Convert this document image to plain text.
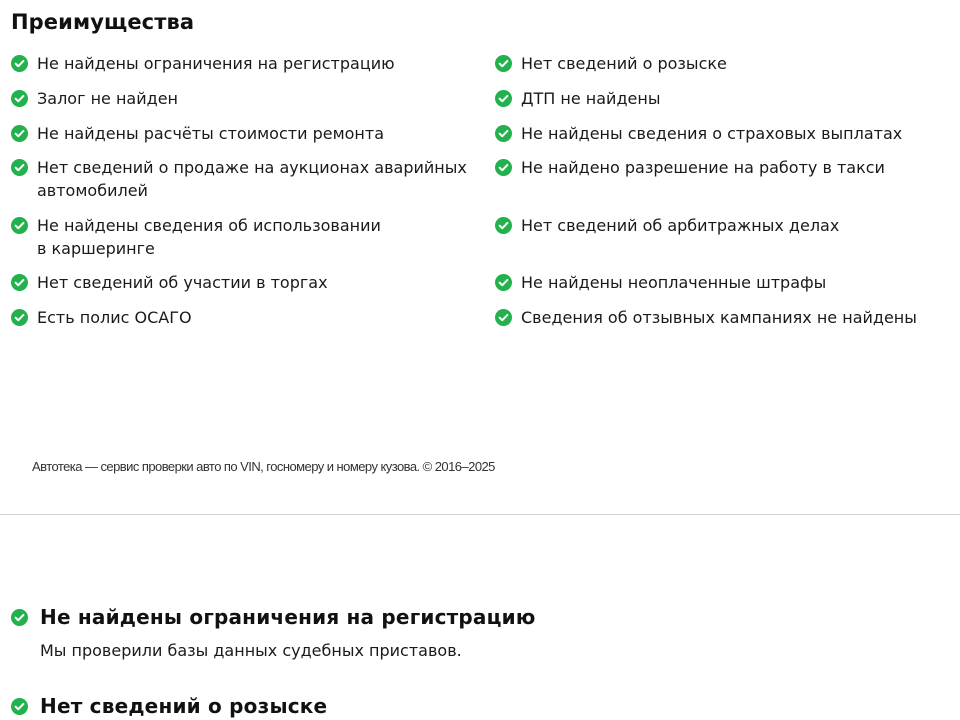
Преимущества
Не найдены ограничения на регистрацию
Залог не найден
Не найдены расчёты стоимости ремонта
Нет сведений о продаже на аукционах аварийных
автомобилей
Не найдены сведения об использовании
в каршеринге
Нет сведений об участии в торгах
Есть полис ОСАГО
Нет сведений о розыске
ДТП не найдены
Не найдены сведения о страховых выплатах
Не найдено разрешение на работу в такси
Нет сведений об арбитражных делах
Не найдены неоплаченные штрафы
Сведения об отзывных кампаниях не найдены
Автотека — сервис проверки авто по VIN, госномеру и номеру кузова. © 2016–2025
Не найдены ограничения на регистрацию
Мы проверили базы данных судебных приставов.
Нет сведений о розыске
